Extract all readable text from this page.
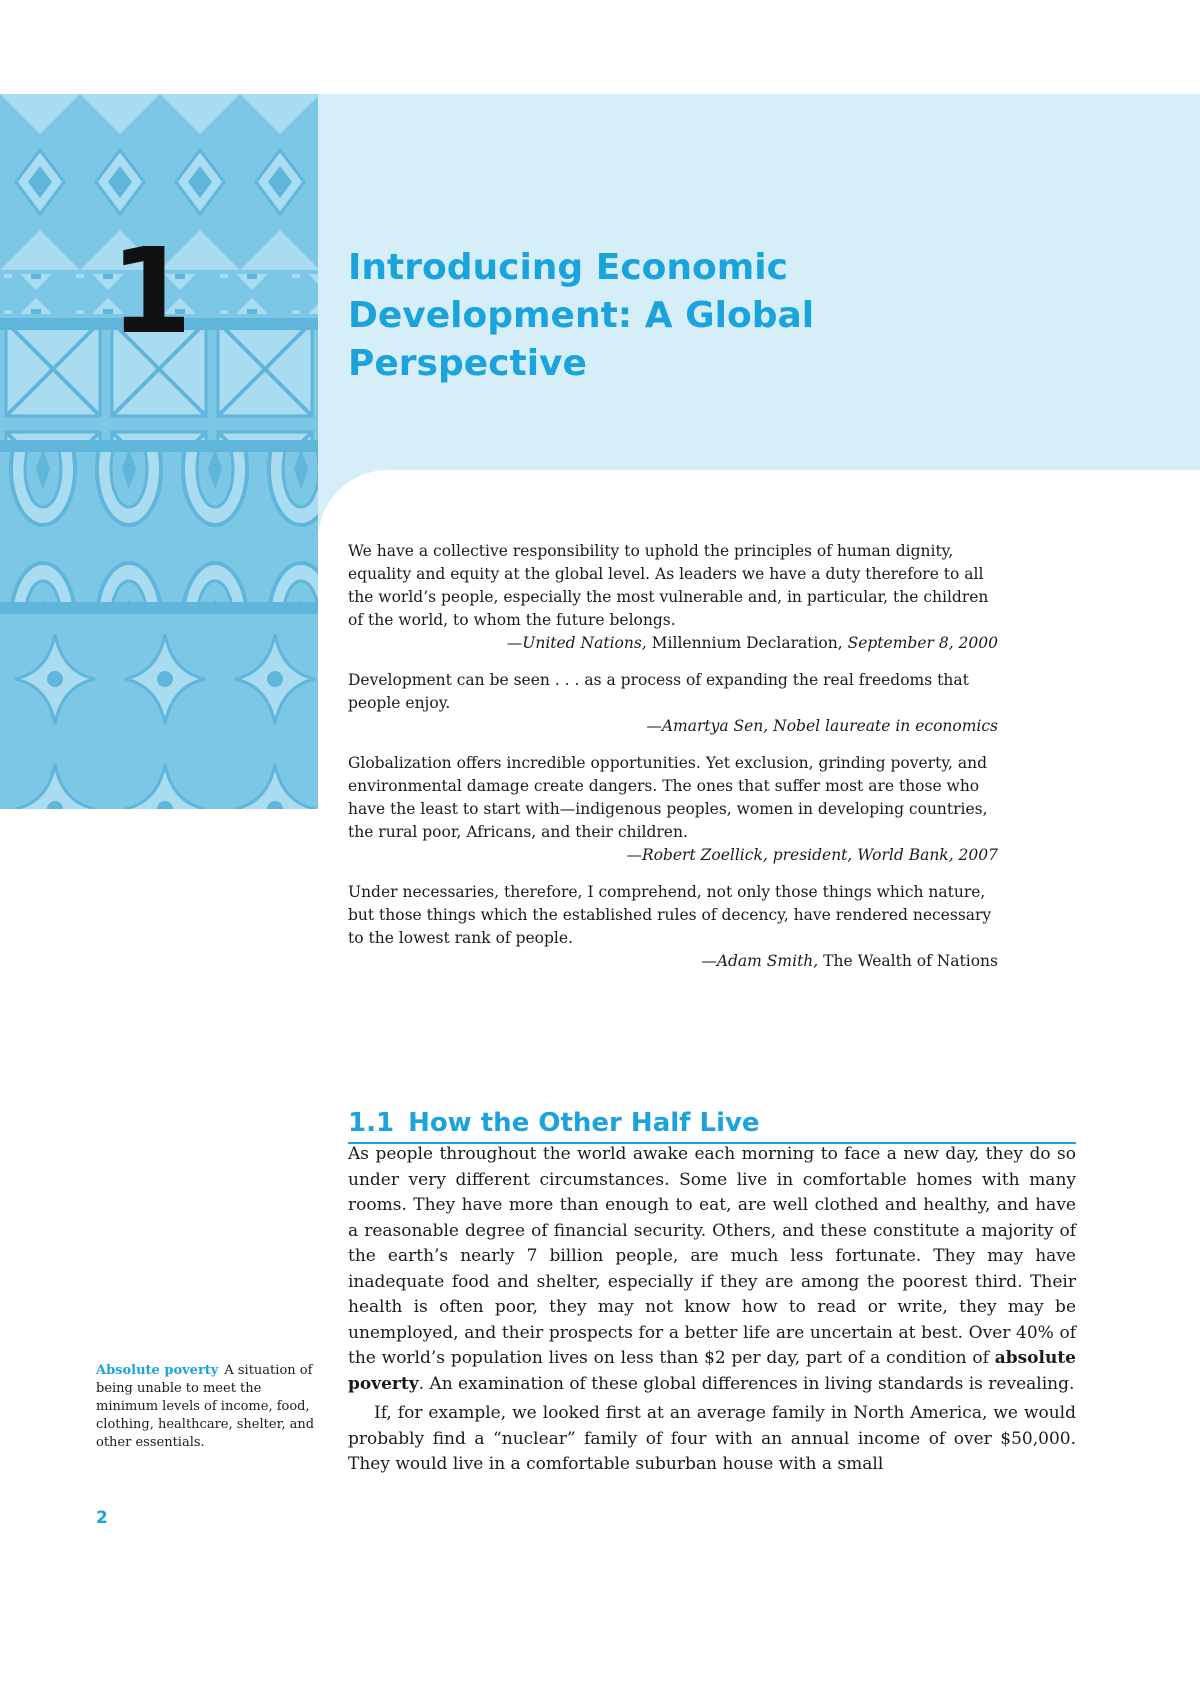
1	Introducing Economic
Development: A Global
Perspective

We have a collective responsibility to uphold the principles of human dignity, equality and equity at the global level. As leaders we have a duty therefore to all the world’s people, especially the most vulnerable and, in particular, the children of the world, to whom the future belongs.

—United Nations, Millennium Declaration, September 8, 2000

Development can be seen . . . as a process of expanding the real freedoms that people enjoy.

—Amartya Sen, Nobel laureate in economics

Globalization offers incredible opportunities. Yet exclusion, grinding poverty, and environmental damage create dangers. The ones that suffer most are those who have the least to start with—indigenous peoples, women in developing countries, the rural poor, Africans, and their children.

—Robert Zoellick, president, World Bank, 2007

Under necessaries, therefore, I comprehend, not only those things which nature, but those things which the established rules of decency, have rendered necessary to the lowest rank of people.

—Adam Smith, The Wealth of Nations
1.1 How the Other Half Live

As people throughout the world awake each morning to face a new day, they do so under very different circumstances. Some live in comfortable homes with many rooms. They have more than enough to eat, are well clothed and healthy, and have a reasonable degree of financial security. Others, and these constitute a majority of the earth’s nearly 7 billion people, are much less fortunate. They may have inadequate food and shelter, especially if they are among the poorest third. Their health is often poor, they may not know how to read or write, they may be unemployed, and their prospects for a better life are uncertain at best. Over 40% of the world’s population lives on less than $2 per day, part of a condition of absolute poverty. An examination of these global differences in living standards is revealing.

If, for example, we looked first at an average family in North America, we would probably find a “nuclear” family of four with an annual income of over $50,000. They would live in a comfortable suburban house with a small

Absolute poverty A situation of being unable to meet the minimum levels of income, food, clothing, healthcare, shelter, and other essentials.
2
